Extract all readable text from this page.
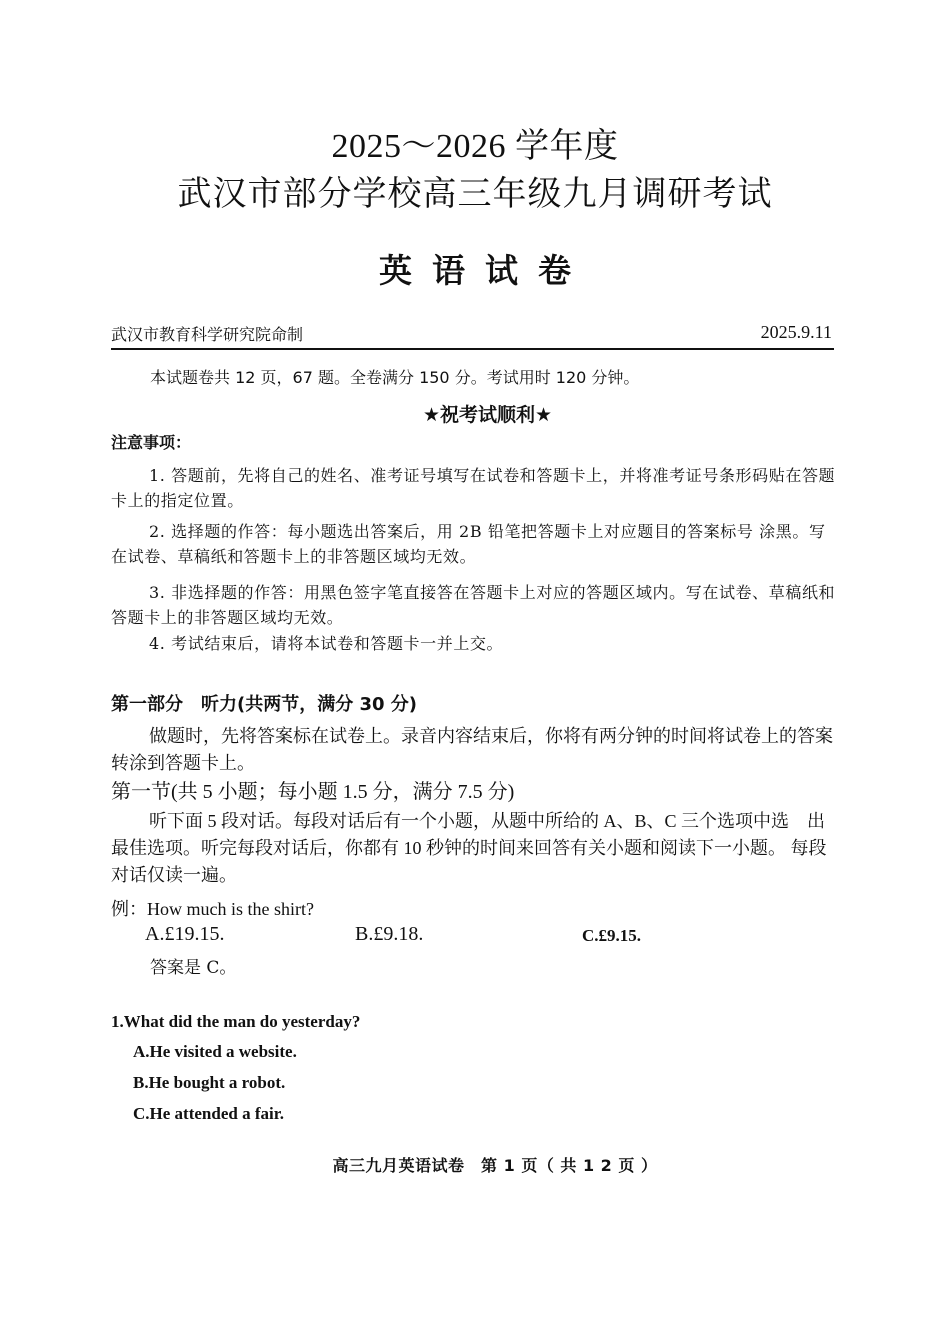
2025～2026 学年度
武汉市部分学校高三年级九月调研考试
英语试卷
武汉市教育科学研究院命制	2025.9.11
本试题卷共 12 页，67 题。全卷满分 150 分。考试用时 120 分钟。
★祝考试顺利★
注意事项：
1. 答题前，先将自己的姓名、准考证号填写在试卷和答题卡上，并将准考证号条形码贴在答题卡上的指定位置。
2. 选择题的作答：每小题选出答案后，用 2B 铅笔把答题卡上对应题目的答案标号 涂黑。写在试卷、草稿纸和答题卡上的非答题区域均无效。
3. 非选择题的作答：用黑色签字笔直接答在答题卡上对应的答题区域内。写在试卷、草稿纸和答题卡上的非答题区域均无效。
4. 考试结束后，请将本试卷和答题卡一并上交。
第一部分　听力(共两节，满分 30 分)
做题时，先将答案标在试卷上。录音内容结束后，你将有两分钟的时间将试卷上的答案转涂到答题卡上。
第一节(共 5 小题；每小题 1.5 分，满分 7.5 分)
听下面 5 段对话。每段对话后有一个小题，从题中所给的 A、B、C 三个选项中选　出最佳选项。听完每段对话后，你都有 10 秒钟的时间来回答有关小题和阅读下一小题。 每段对话仅读一遍。
例：How much is the shirt?
A.£19.15.	B.£9.18.	C.£9.15.
答案是 C。
1.What did the man do yesterday?
A.He visited a website.
B.He bought a robot.
C.He attended a fair.
高三九月英语试卷　第 1 页（ 共 1 2 页 ）
